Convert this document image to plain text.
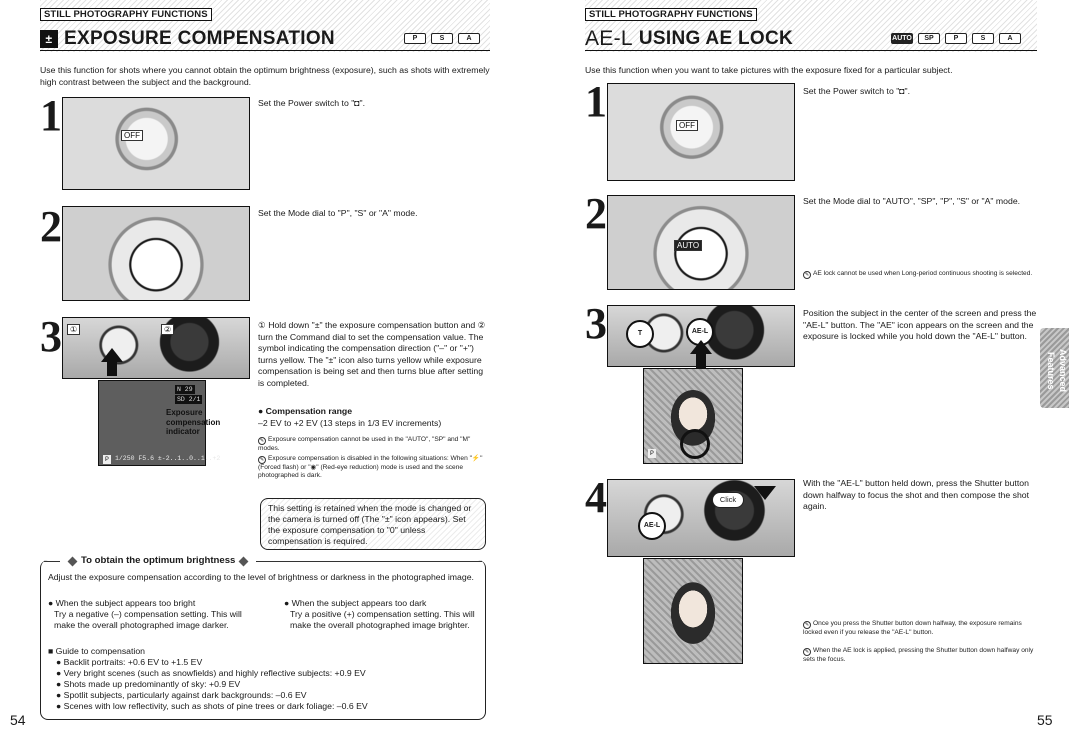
STILL PHOTOGRAPHY FUNCTIONS
± EXPOSURE COMPENSATION	P	S	A
Use this function for shots where you cannot obtain the optimum brightness (exposure), such as shots with extremely high contrast between the subject and the background.
1	OFF
Set the Power switch to "◘".
2	Set the Mode dial to "P", "S" or "A" mode.
3	①	②
N 29
SD 2/1
P 1/250 F5.6 ±-2..1..0..1..+2
Exposure compensation indicator
① Hold down "±" the exposure compensation button and ② turn the Command dial to set the compensation value. The symbol indicating the compensation direction ("–" or "+") turns yellow. The "±" icon also turns yellow while exposure compensation is being set and then turns blue after setting is completed.
● Compensation range
–2 EV to +2 EV (13 steps in 1/3 EV increments)
✎ Exposure compensation cannot be used in the "AUTO", "SP" and "M" modes.
✎ Exposure compensation is disabled in the following situations: When "⚡" (Forced flash) or "◉" (Red-eye reduction) mode is used and the scene photographed is dark.
This setting is retained when the mode is changed or the camera is turned off (The "±" icon appears). Set the exposure compensation to "0" unless compensation is required.
To obtain the optimum brightness
Adjust the exposure compensation according to the level of brightness or darkness in the photographed image.
● When the subject appears too bright
Try a negative (–) compensation setting. This will make the overall photographed image darker.
● When the subject appears too dark
Try a positive (+) compensation setting. This will make the overall photographed image brighter.
■ Guide to compensation
● Backlit portraits: +0.6 EV to +1.5 EV
● Very bright scenes (such as snowfields) and highly reflective subjects: +0.9 EV
● Shots made up predominantly of sky: +0.9 EV
● Spotlit subjects, particularly against dark backgrounds: –0.6 EV
● Scenes with low reflectivity, such as shots of pine trees or dark foliage: –0.6 EV
54
STILL PHOTOGRAPHY FUNCTIONS
AE-L USING AE LOCK	AUTO	SP	P	S	A
Use this function when you want to take pictures with the exposure fixed for a particular subject.
1	OFF
Set the Power switch to "◘".
2
AUTO
Set the Mode dial to "AUTO", "SP", "P", "S" or "A" mode.
✎ AE lock cannot be used when Long-period continuous shooting is selected.
3	T	AE-L
P
Position the subject in the center of the screen and press the "AE-L" button. The "AE" icon appears on the screen and the exposure is locked while you hold down the "AE-L" button.
4
AE-L
Click
With the "AE-L" button held down, press the Shutter button down halfway to focus the shot and then compose the shot again.
✎ Once you press the Shutter button down halfway, the exposure remains locked even if you release the "AE-L" button.
✎ When the AE lock is applied, pressing the Shutter button down halfway only sets the focus.
55
Advanced Features
